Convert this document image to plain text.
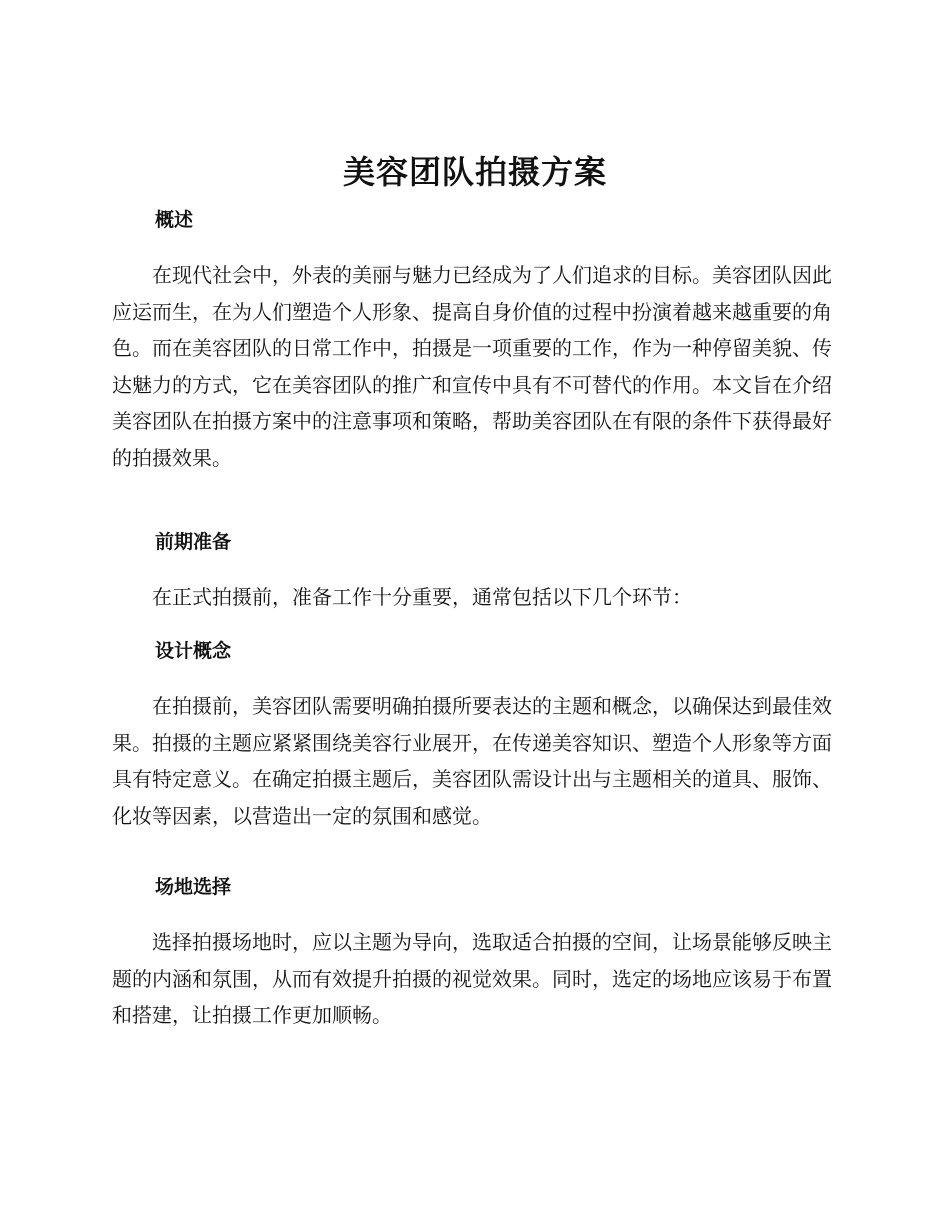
美容团队拍摄方案
概述

在现代社会中，外表的美丽与魅力已经成为了人们追求的目标。美容团队因此应运而生，在为人们塑造个人形象、提高自身价值的过程中扮演着越来越重要的角色。而在美容团队的日常工作中，拍摄是一项重要的工作，作为一种停留美貌、传达魅力的方式，它在美容团队的推广和宣传中具有不可替代的作用。本文旨在介绍美容团队在拍摄方案中的注意事项和策略，帮助美容团队在有限的条件下获得最好的拍摄效果。

前期准备

在正式拍摄前，准备工作十分重要，通常包括以下几个环节：

设计概念

在拍摄前，美容团队需要明确拍摄所要表达的主题和概念，以确保达到最佳效果。拍摄的主题应紧紧围绕美容行业展开，在传递美容知识、塑造个人形象等方面具有特定意义。在确定拍摄主题后，美容团队需设计出与主题相关的道具、服饰、化妆等因素，以营造出一定的氛围和感觉。

场地选择

选择拍摄场地时，应以主题为导向，选取适合拍摄的空间，让场景能够反映主题的内涵和氛围，从而有效提升拍摄的视觉效果。同时，选定的场地应该易于布置和搭建，让拍摄工作更加顺畅。
